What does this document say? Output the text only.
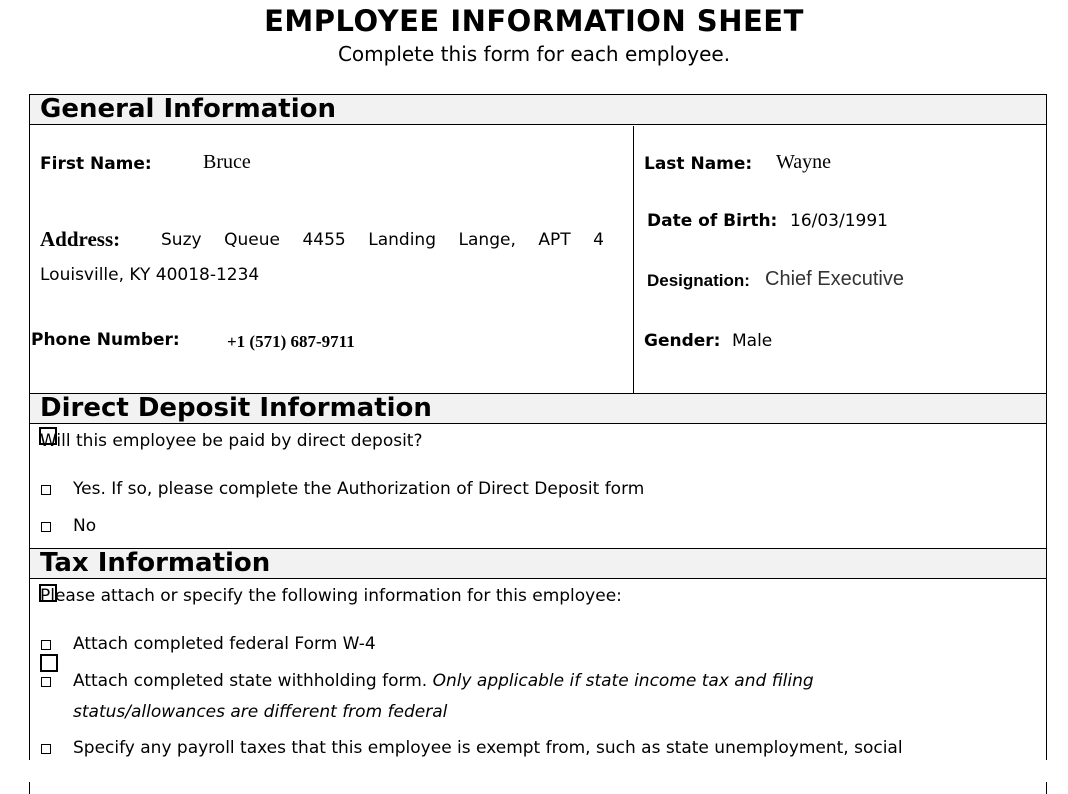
EMPLOYEE INFORMATION SHEET
Complete this form for each employee.
General Information
First Name:	Bruce	Last Name: Wayne
Date of Birth: 16/03/1991
Address: Suzy Queue 4455 Landing Lange, APT 4
Louisville, KY 40018-1234	Designation: Chief Executive
Phone Number:	+1 (571) 687-9711	Gender: Male
Direct Deposit Information
Will this employee be paid by direct deposit?
Yes. If so, please complete the Authorization of Direct Deposit form
No
Tax Information
Please attach or specify the following information for this employee:
Attach completed federal Form W-4
Attach completed state withholding form. Only applicable if state income tax and filing
status/allowances are different from federal
Specify any payroll taxes that this employee is exempt from, such as state unemployment, social
